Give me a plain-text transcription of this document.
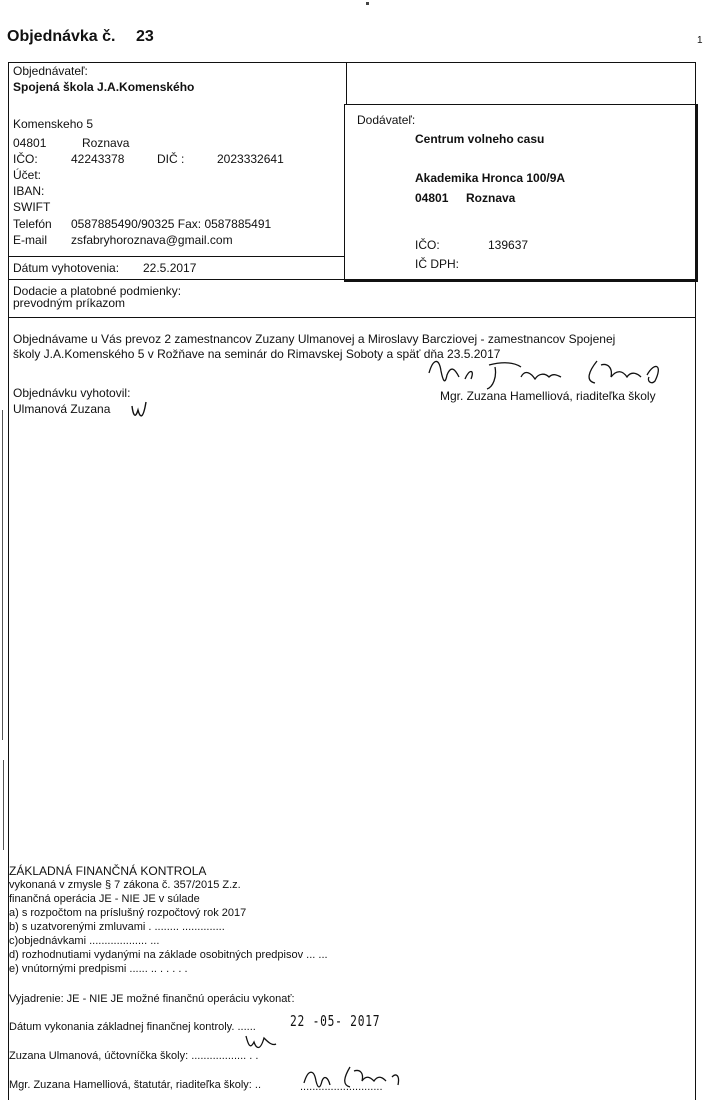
Objednávka č. 23	1
Objednávateľ:
Spojená škola J.A.Komenského
Komenskeho 5
04801	Roznava
IČO:	42243378	DIČ :	2023332641
Účet:
IBAN:
SWIFT
Telefón 0587885490/90325 Fax: 0587885491
E-mail zsfabryhoroznava@gmail.com
Dodávateľ:
Centrum volneho casu
Akademika Hronca 100/9A
04801 Roznava
IČO:	139637
IČ DPH:
Dátum vyhotovenia: 22.5.2017
Dodacie a platobné podmienky:
prevodným príkazom
Objednávame u Vás prevoz 2 zamestnancov Zuzany Ulmanovej a Miroslavy Barcziovej - zamestnancov Spojenej
školy J.A.Komenského 5 v Rožňave na seminár do Rimavskej Soboty a späť dňa 23.5.2017
Objednávku vyhotovil:
Ulmanová Zuzana
Mgr. Zuzana Hamelliová, riaditeľka školy
ZÁKLADNÁ FINANČNÁ KONTROLA
vykonaná v zmysle § 7 zákona č. 357/2015 Z.z.
finančná operácia JE - NIE JE v súlade
a) s rozpočtom na príslušný rozpočtový rok 2017
b) s uzatvorenými zmluvami . ........ ..............
c)objednávkami ................... ...
d) rozhodnutiami vydanými na základe osobitných predpisov ... ...
e) vnútornými predpismi ...... .. . . . . .
Vyjadrenie: JE - NIE JE možné finančnú operáciu vykonať:
Dátum vykonania základnej finančnej kontroly. ...... 22 -05- 2017
Zuzana Ulmanová, účtovníčka školy: .................. . .
Mgr. Zuzana Hamelliová, štatutár, riaditeľka školy: ..	...........................
